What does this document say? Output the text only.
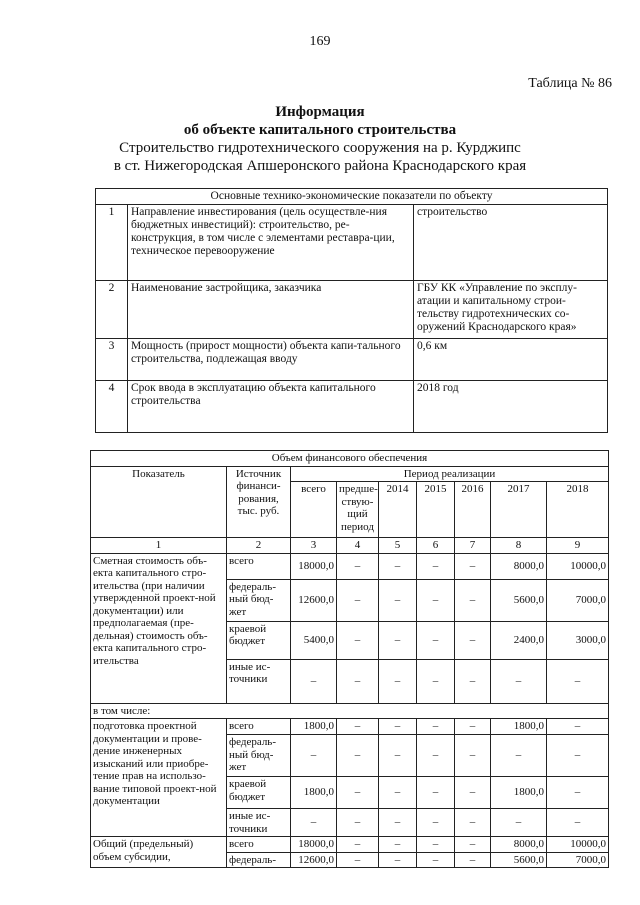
169
Таблица № 86
Информация
об объекте капитального строительства
Строительство гидротехнического сооружения на р. Курджипс
в ст. Нижегородская Апшеронского района Краснодарского края
Основные технико-экономические показатели по объекту		
1	Направление инвестирования (цель осуществле-ния бюджетных инвестиций): строительство, ре-конструкция, в том числе с элементами реставра-ции, техническое перевооружение	строительство
2	Наименование застройщика, заказчика	ГБУ КК «Управление по эксплу-атации и капитальному строи-тельству гидротехнических со-оружений Краснодарского края»
3	Мощность (прирост мощности) объекта капи-тального строительства, подлежащая вводу	0,6 км
4	Срок ввода в эксплуатацию объекта капитального строительства	2018 год
Объем финансового обеспечения								
Показатель	Источник финанси-рования, тыс. руб.	Период реализации						
		всего	предше-ствую-щий период	2014	2015	2016	2017	2018
1	2	3	4	5	6	7	8	9
Сметная стоимость объ-екта капитального стро-ительства (при наличии утвержденной проект-ной документации) или предполагаемая (пре-дельная) стоимость объ-екта капитального стро-ительства	всего	18000,0	–	–	–	–	8000,0	10000,0
	федераль-ный бюд-жет	12600,0	–	–	–	–	5600,0	7000,0
	краевой бюджет	5400,0	–	–	–	–	2400,0	3000,0
	иные ис-точники	–	–	–	–	–	–	–
в том числе:								
подготовка проектной документации и прове-дение инженерных изысканий или приобре-тение прав на использо-вание типовой проект-ной документации	всего	1800,0	–	–	–	–	1800,0	–
	федераль-ный бюд-жет	–	–	–	–	–	–	–
	краевой бюджет	1800,0	–	–	–	–	1800,0	–
	иные ис-точники	–	–	–	–	–	–	–
Общий (предельный) объем субсидии,	всего	18000,0	–	–	–	–	8000,0	10000,0
	федераль-	12600,0	–	–	–	–	5600,0	7000,0
